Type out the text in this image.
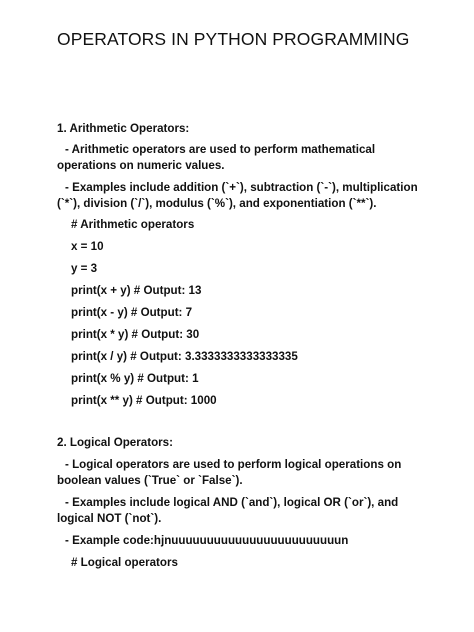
OPERATORS IN PYTHON PROGRAMMING
1. Arithmetic Operators:
- Arithmetic operators are used to perform mathematical
operations on numeric values.
- Examples include addition (`+`), subtraction (`-`), multiplication
(`*`), division (`/`), modulus (`%`), and exponentiation (`**`).
# Arithmetic operators
x = 10
y = 3
print(x + y) # Output: 13
print(x - y) # Output: 7
print(x * y) # Output: 30
print(x / y) # Output: 3.3333333333333335
print(x % y) # Output: 1
print(x ** y) # Output: 1000
2. Logical Operators:
- Logical operators are used to perform logical operations on
boolean values (`True` or `False`).
- Examples include logical AND (`and`), logical OR (`or`), and
logical NOT (`not`).
- Example code:hjnuuuuuuuuuuuuuuuuuuuuuuuun
# Logical operators
